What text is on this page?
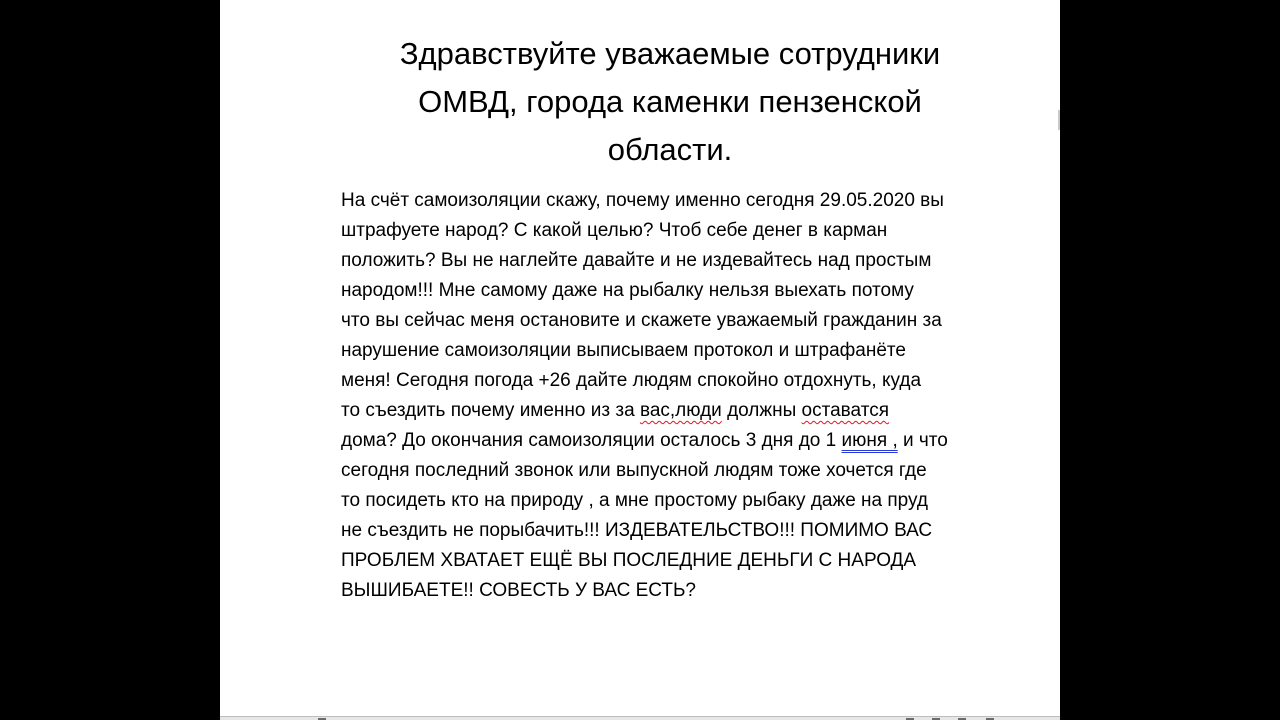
Здравствуйте уважаемые сотрудники
ОМВД, города каменки пензенской
области.
На счёт самоизоляции скажу, почему именно сегодня 29.05.2020 вы
штрафуете народ? С какой целью? Чтоб себе денег в карман
положить? Вы не наглейте давайте и не издевайтесь над простым
народом!!! Мне самому даже на рыбалку нельзя выехать потому
что вы сейчас меня остановите и скажете уважаемый гражданин за
нарушение самоизоляции выписываем протокол и штрафанёте
меня! Сегодня погода +26 дайте людям спокойно отдохнуть, куда
то съездить почему именно из за вас,люди должны оставатся
дома? До окончания самоизоляции осталось 3 дня до 1 июня , и что
сегодня последний звонок или выпускной людям тоже хочется где
то посидеть кто на природу , а мне простому рыбаку даже на пруд
не съездить не порыбачить!!! ИЗДЕВАТЕЛЬСТВО!!! ПОМИМО ВАС
ПРОБЛЕМ ХВАТАЕТ ЕЩЁ ВЫ ПОСЛЕДНИЕ ДЕНЬГИ С НАРОДА
ВЫШИБАЕТЕ!! СОВЕСТЬ У ВАС ЕСТЬ?
